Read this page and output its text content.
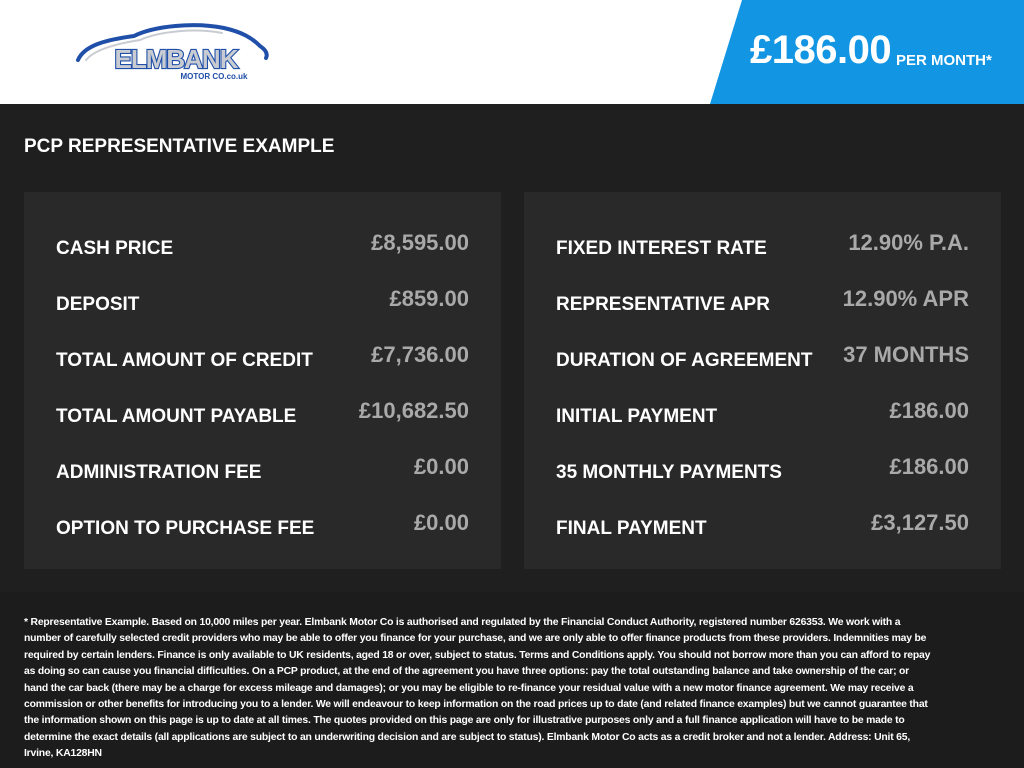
ELMBANK
MOTOR CO.co.uk
£186.00 PER MONTH*
PCP REPRESENTATIVE EXAMPLE
CASH PRICE	£8,595.00
DEPOSIT	£859.00
TOTAL AMOUNT OF CREDIT	£7,736.00
TOTAL AMOUNT PAYABLE	£10,682.50
ADMINISTRATION FEE	£0.00
OPTION TO PURCHASE FEE	£0.00
FIXED INTEREST RATE	12.90% P.A.
REPRESENTATIVE APR	12.90% APR
DURATION OF AGREEMENT 37 MONTHS
INITIAL PAYMENT	£186.00
35 MONTHLY PAYMENTS	£186.00
FINAL PAYMENT	£3,127.50
* Representative Example. Based on 10,000 miles per year. Elmbank Motor Co is authorised and regulated by the Financial Conduct Authority, registered number 626353. We work with a number of carefully selected credit providers who may be able to offer you finance for your purchase, and we are only able to offer finance products from these providers. Indemnities may be required by certain lenders. Finance is only available to UK residents, aged 18 or over, subject to status. Terms and Conditions apply. You should not borrow more than you can afford to repay as doing so can cause you financial difficulties. On a PCP product, at the end of the agreement you have three options: pay the total outstanding balance and take ownership of the car; or hand the car back (there may be a charge for excess mileage and damages); or you may be eligible to re-finance your residual value with a new motor finance agreement. We may receive a commission or other benefits for introducing you to a lender. We will endeavour to keep information on the road prices up to date (and related finance examples) but we cannot guarantee that the information shown on this page is up to date at all times. The quotes provided on this page are only for illustrative purposes only and a full finance application will have to be made to determine the exact details (all applications are subject to an underwriting decision and are subject to status). Elmbank Motor Co acts as a credit broker and not a lender. Address: Unit 65, Irvine, KA128HN
